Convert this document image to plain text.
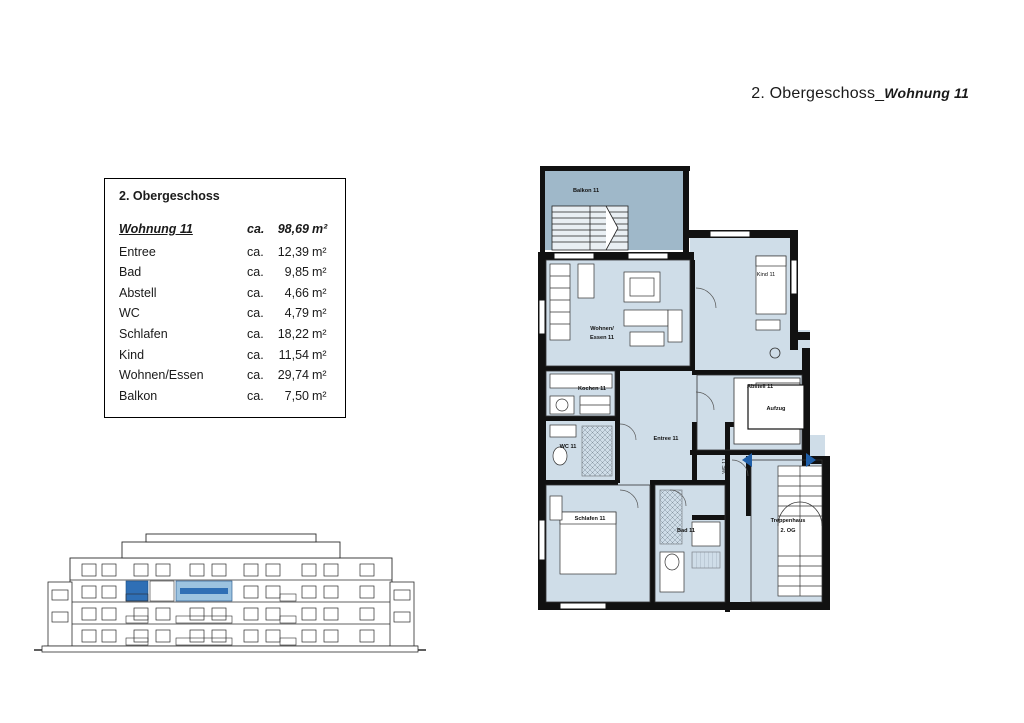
2. Obergeschoss_Wohnung 11
2. Obergeschoss
Wohnung 11	ca. 98,69 m²
Entree	ca. 12,39 m²
Bad	ca. 9,85 m²
Abstell	ca. 4,66 m²
WC	ca. 4,79 m²
Schlafen	ca. 18,22 m²
Kind	ca. 11,54 m²
Wohnen/Essen	ca. 29,74 m²
Balkon	ca. 7,50 m²
Balkon 11
Kind 11
Wohnen/
Essen 11
Kochen 11	Abstell 11
Aufzug
WC 11
Entree 11
Schlafen 11
Bad 11
Treppenhaus
2. OG
WE 11	WE 12
